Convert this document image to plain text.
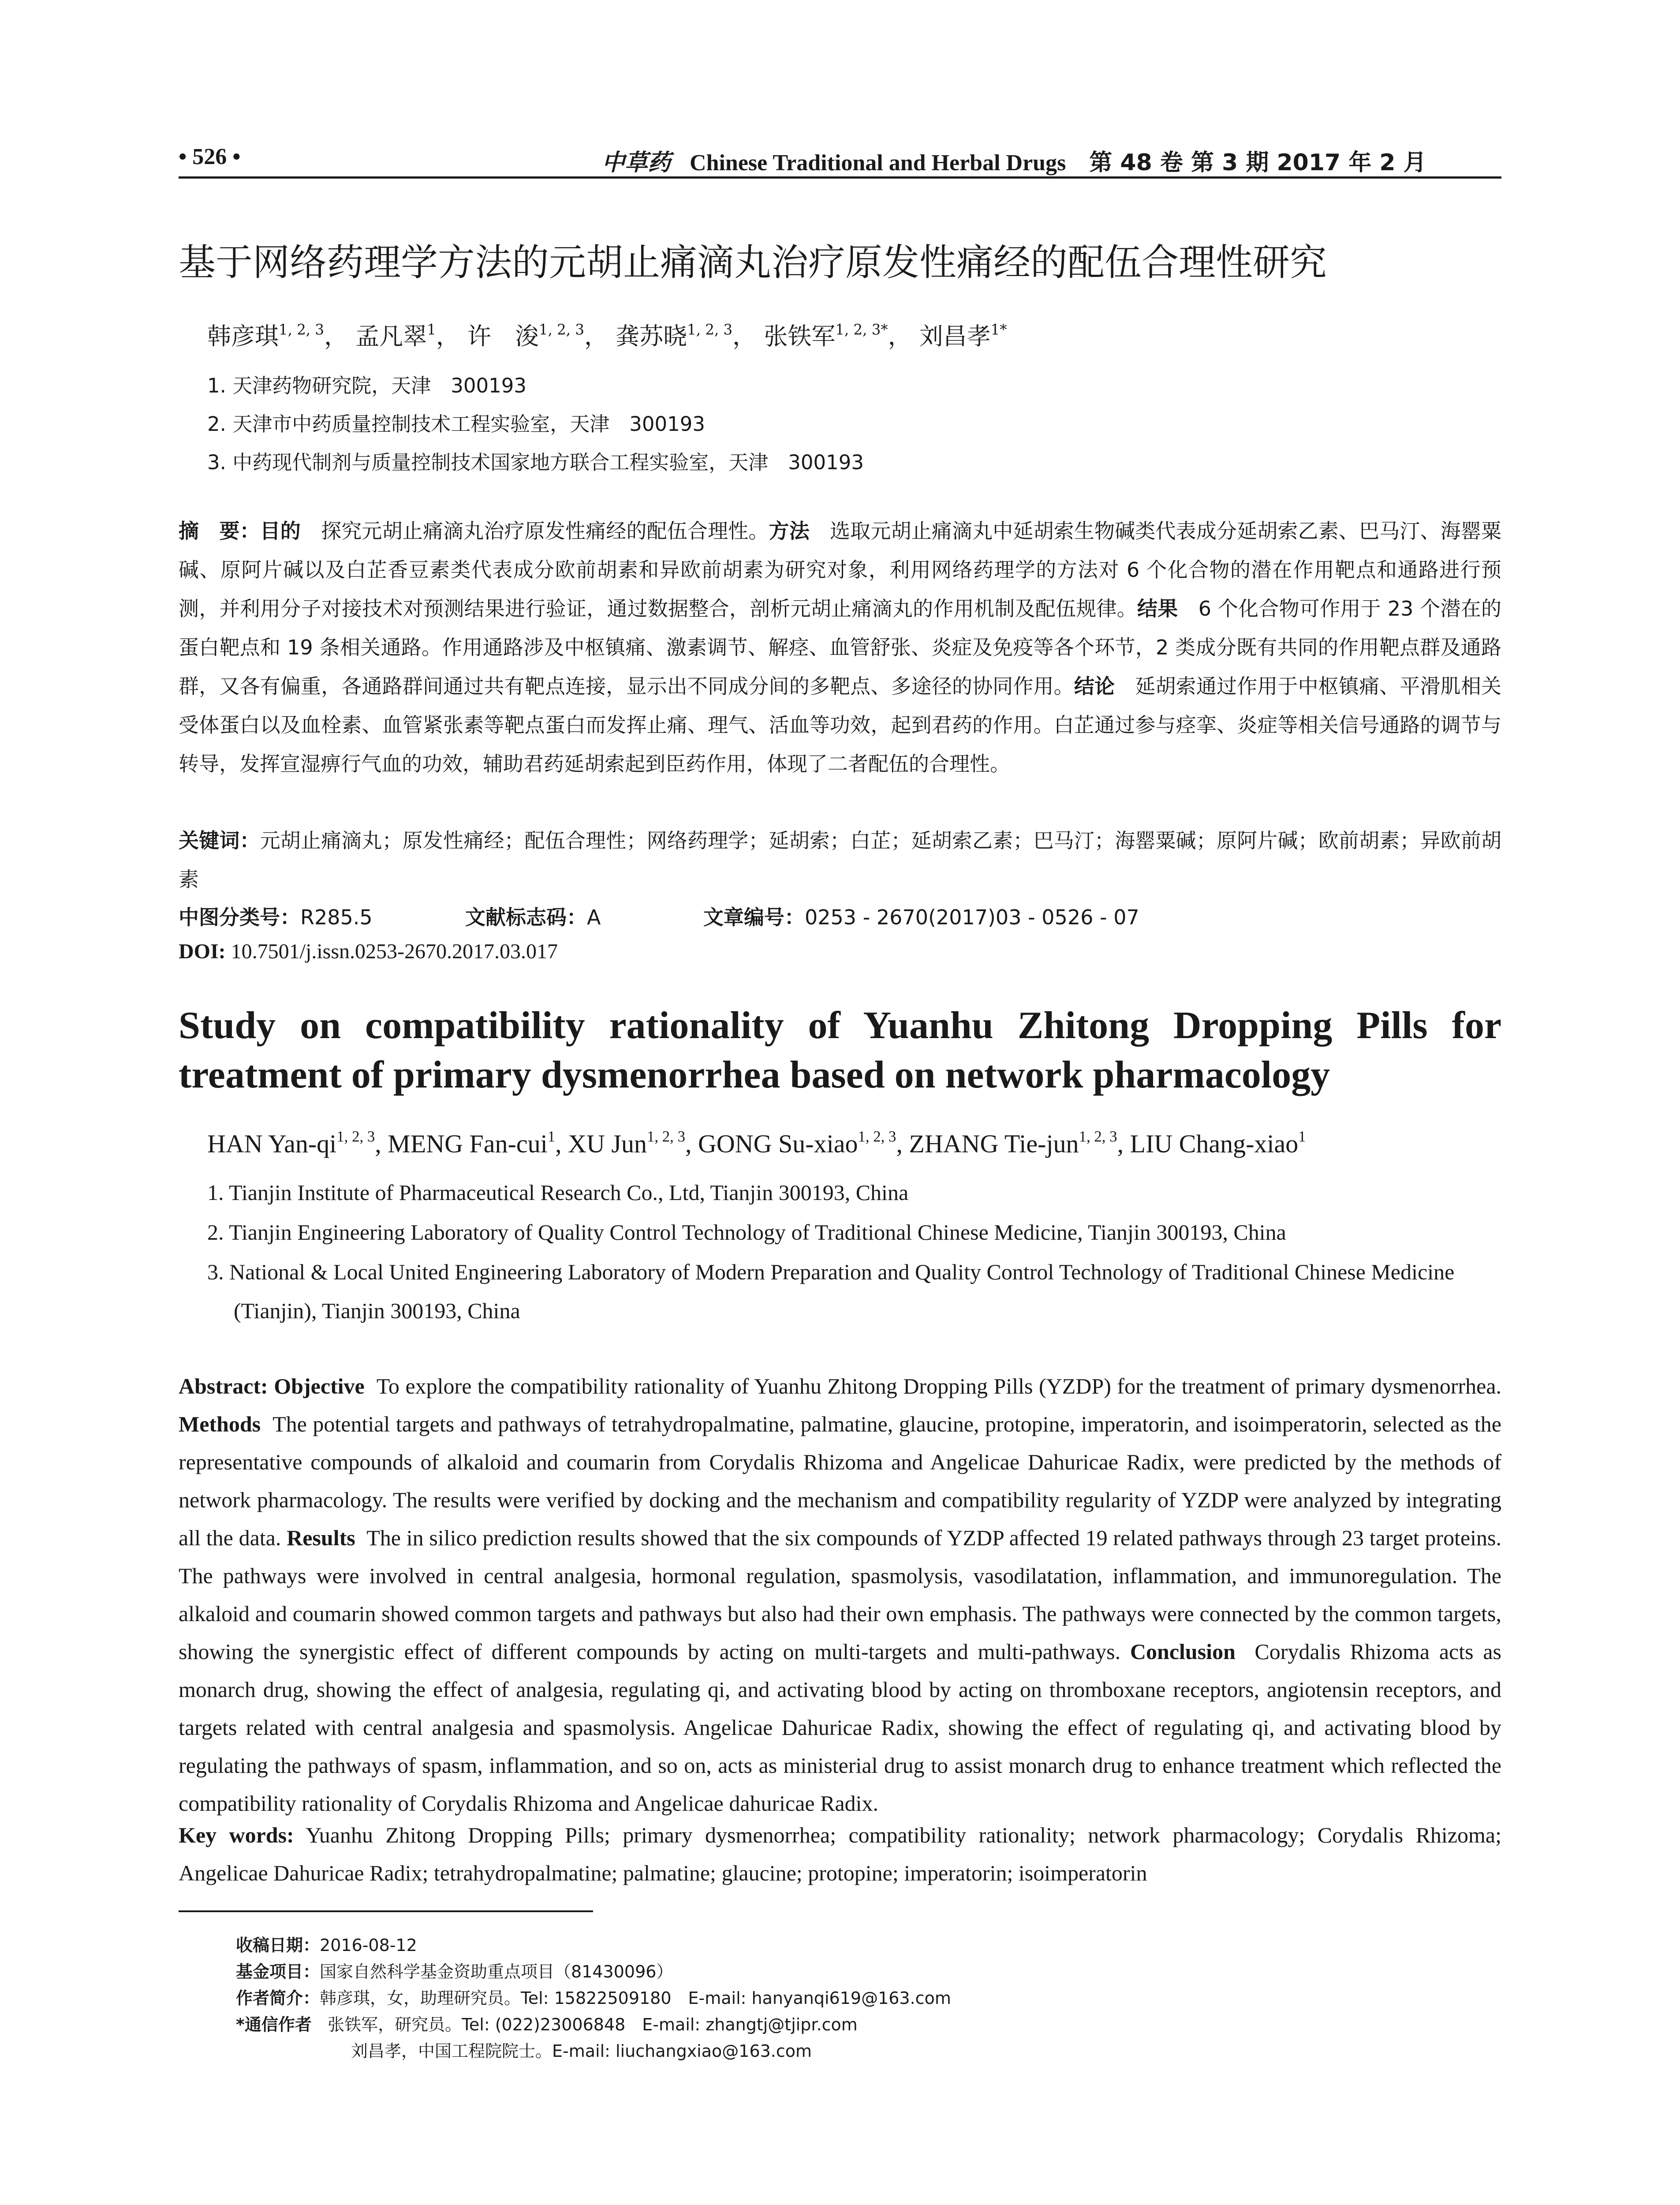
• 526 •	中草药 Chinese Traditional and Herbal Drugs 第 48 卷 第 3 期 2017 年 2 月
基于网络药理学方法的元胡止痛滴丸治疗原发性痛经的配伍合理性研究
韩彦琪$^{1, 2, 3}$， 孟凡翠$^1$， 许　浚$^{1, 2, 3}$， 龚苏晓$^{1, 2, 3}$， 张铁军$^{1, 2, 3*}$， 刘昌孝$^{1*}$
1. 天津药物研究院，天津　300193
2. 天津市中药质量控制技术工程实验室，天津　300193
3. 中药现代制剂与质量控制技术国家地方联合工程实验室，天津　300193
摘　要：目的　探究元胡止痛滴丸治疗原发性痛经的配伍合理性。方法　选取元胡止痛滴丸中延胡索生物碱类代表成分延胡索乙素、巴马汀、海罂粟碱、原阿片碱以及白芷香豆素类代表成分欧前胡素和异欧前胡素为研究对象，利用网络药理学的方法对 6 个化合物的潜在作用靶点和通路进行预测，并利用分子对接技术对预测结果进行验证，通过数据整合，剖析元胡止痛滴丸的作用机制及配伍规律。结果　6 个化合物可作用于 23 个潜在的蛋白靶点和 19 条相关通路。作用通路涉及中枢镇痛、激素调节、解痉、血管舒张、炎症及免疫等各个环节，2 类成分既有共同的作用靶点群及通路群，又各有偏重，各通路群间通过共有靶点连接，显示出不同成分间的多靶点、多途径的协同作用。结论　延胡索通过作用于中枢镇痛、平滑肌相关受体蛋白以及血栓素、血管紧张素等靶点蛋白而发挥止痛、理气、活血等功效，起到君药的作用。白芷通过参与痉挛、炎症等相关信号通路的调节与转导，发挥宣湿痹行气血的功效，辅助君药延胡索起到臣药作用，体现了二者配伍的合理性。
关键词：元胡止痛滴丸；原发性痛经；配伍合理性；网络药理学；延胡索；白芷；延胡索乙素；巴马汀；海罂粟碱；原阿片碱；欧前胡素；异欧前胡素
中图分类号：R285.5	文献标志码：A	文章编号：0253 - 2670(2017)03 - 0526 - 07
DOI: 10.7501/j.issn.0253-2670.2017.03.017
Study on compatibility rationality of Yuanhu Zhitong Dropping Pills for treatment of primary dysmenorrhea based on network pharmacology
HAN Yan-qi$^{1, 2, 3}$, MENG Fan-cui$^1$, XU Jun$^{1, 2, 3}$, GONG Su-xiao$^{1, 2, 3}$, ZHANG Tie-jun$^{1, 2, 3}$, LIU Chang-xiao$^1$
1. Tianjin Institute of Pharmaceutical Research Co., Ltd, Tianjin 300193, China
2. Tianjin Engineering Laboratory of Quality Control Technology of Traditional Chinese Medicine, Tianjin 300193, China
3. National & Local United Engineering Laboratory of Modern Preparation and Quality Control Technology of Traditional Chinese Medicine (Tianjin), Tianjin 300193, China
Abstract: Objective To explore the compatibility rationality of Yuanhu Zhitong Dropping Pills (YZDP) for the treatment of primary dysmenorrhea. Methods The potential targets and pathways of tetrahydropalmatine, palmatine, glaucine, protopine, imperatorin, and isoimperatorin, selected as the representative compounds of alkaloid and coumarin from Corydalis Rhizoma and Angelicae Dahuricae Radix, were predicted by the methods of network pharmacology. The results were verified by docking and the mechanism and compatibility regularity of YZDP were analyzed by integrating all the data. Results The in silico prediction results showed that the six compounds of YZDP affected 19 related pathways through 23 target proteins. The pathways were involved in central analgesia, hormonal regulation, spasmolysis, vasodilatation, inflammation, and immunoregulation. The alkaloid and coumarin showed common targets and pathways but also had their own emphasis. The pathways were connected by the common targets, showing the synergistic effect of different compounds by acting on multi-targets and multi-pathways. Conclusion Corydalis Rhizoma acts as monarch drug, showing the effect of analgesia, regulating qi, and activating blood by acting on thromboxane receptors, angiotensin receptors, and targets related with central analgesia and spasmolysis. Angelicae Dahuricae Radix, showing the effect of regulating qi, and activating blood by regulating the pathways of spasm, inflammation, and so on, acts as ministerial drug to assist monarch drug to enhance treatment which reflected the compatibility rationality of Corydalis Rhizoma and Angelicae dahuricae Radix.
Key words: Yuanhu Zhitong Dropping Pills; primary dysmenorrhea; compatibility rationality; network pharmacology; Corydalis Rhizoma; Angelicae Dahuricae Radix; tetrahydropalmatine; palmatine; glaucine; protopine; imperatorin; isoimperatorin
收稿日期：2016-08-12
基金项目：国家自然科学基金资助重点项目（81430096）
作者简介：韩彦琪，女，助理研究员。Tel: 15822509180　E-mail: hanyanqi619@163.com
*通信作者 张铁军，研究员。Tel: (022)23006848　E-mail: zhangtj@tjipr.com
刘昌孝，中国工程院院士。E-mail: liuchangxiao@163.com
